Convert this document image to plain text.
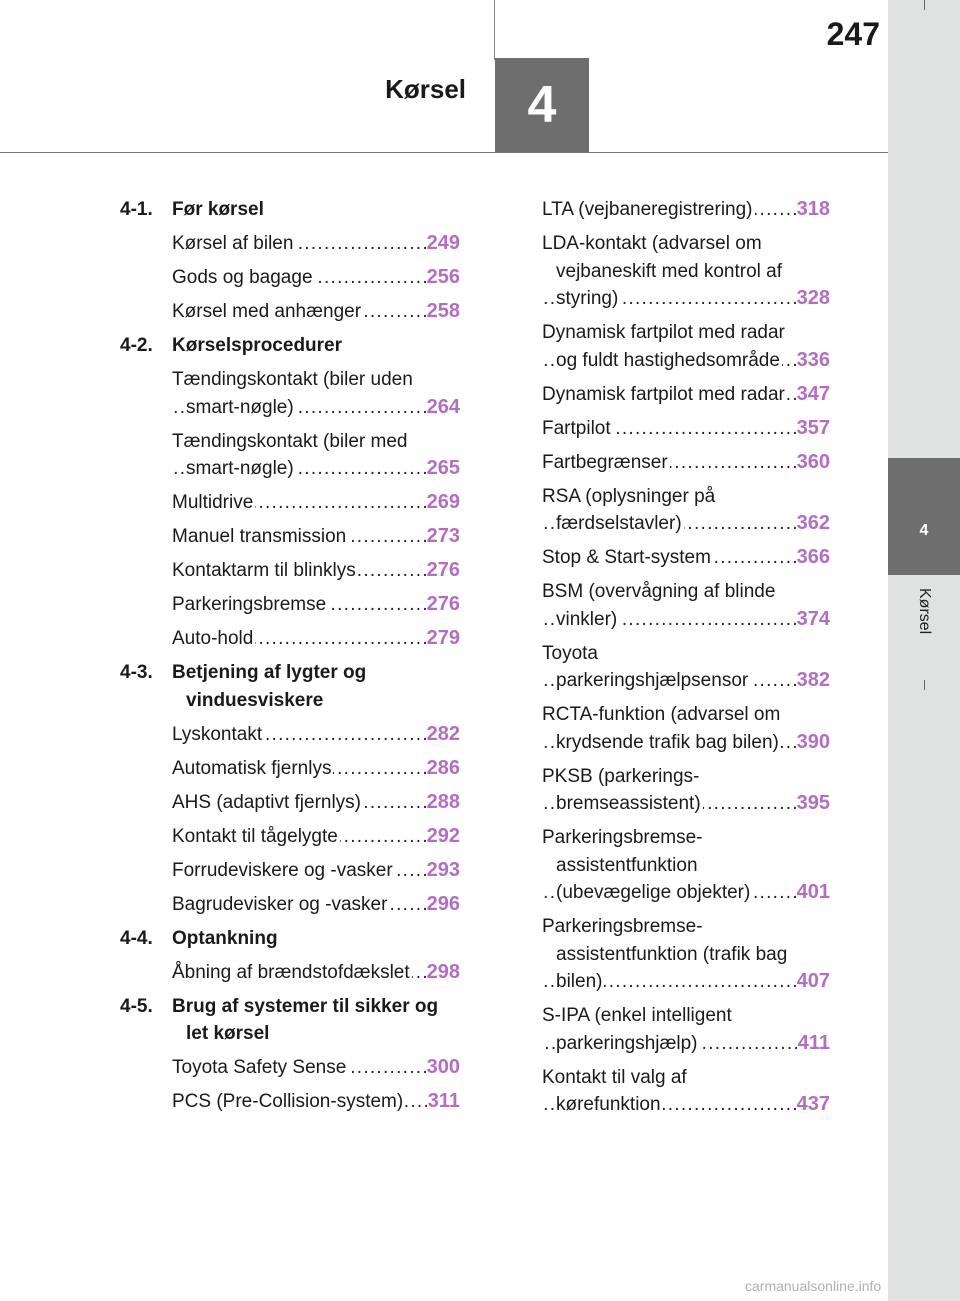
247
Kørsel	4
4
Kørsel
4-1.	Før kørsel
Kørsel af bilen . . .	249
Gods og bagage . . .	256
Kørsel med anhænger . . .	258
4-2.	Kørselsprocedurer
Tændingskontakt (biler uden smart-nøgle) . . .	264
Tændingskontakt (biler med smart-nøgle) . . .	265
Multidrive . . .	269
Manuel transmission . . .	273
Kontaktarm til blinklys . . .	276
Parkeringsbremse . . .	276
Auto-hold . . .	279
4-3.	Betjening af lygter og vinduesviskere
Lyskontakt . . .	282
Automatisk fjernlys . . .	286
AHS (adaptivt fjernlys) . . .	288
Kontakt til tågelygte . . .	292
Forrudeviskere og -vasker . . .	293
Bagrudevisker og -vasker . . .	296
4-4.	Optankning
Åbning af brændstofdækslet . . . 298
4-5.	Brug af systemer til sikker og let kørsel
Toyota Safety Sense . . .	300
PCS (Pre-Collision-system) . . .	311
LTA (vejbaneregistrering) . . .	318
LDA-kontakt (advarsel om vejbaneskift med kontrol af styring) . . .	328
Dynamisk fartpilot med radar og fuldt hastighedsområde . . . 336
Dynamisk fartpilot med radar . . . 347
Fartpilot . . .	357
Fartbegrænser . . .	360
RSA (oplysninger på færdselstavler) . . .	362
Stop & Start-system . . .	366
BSM (overvågning af blinde vinkler) . . .	374
Toyota parkeringshjælpsensor . . .	382
RCTA-funktion (advarsel om krydsende trafik bag bilen) . . . 390
PKSB (parkerings-bremseassistent) . . .	395
Parkeringsbremse-assistentfunktion (ubevægelige objekter) . . .	401
Parkeringsbremse-assistentfunktion (trafik bag bilen) . . .	407
S-IPA (enkel intelligent parkeringshjælp) . . .	411
Kontakt til valg af kørefunktion . . .	437
carmanualsonline.info
